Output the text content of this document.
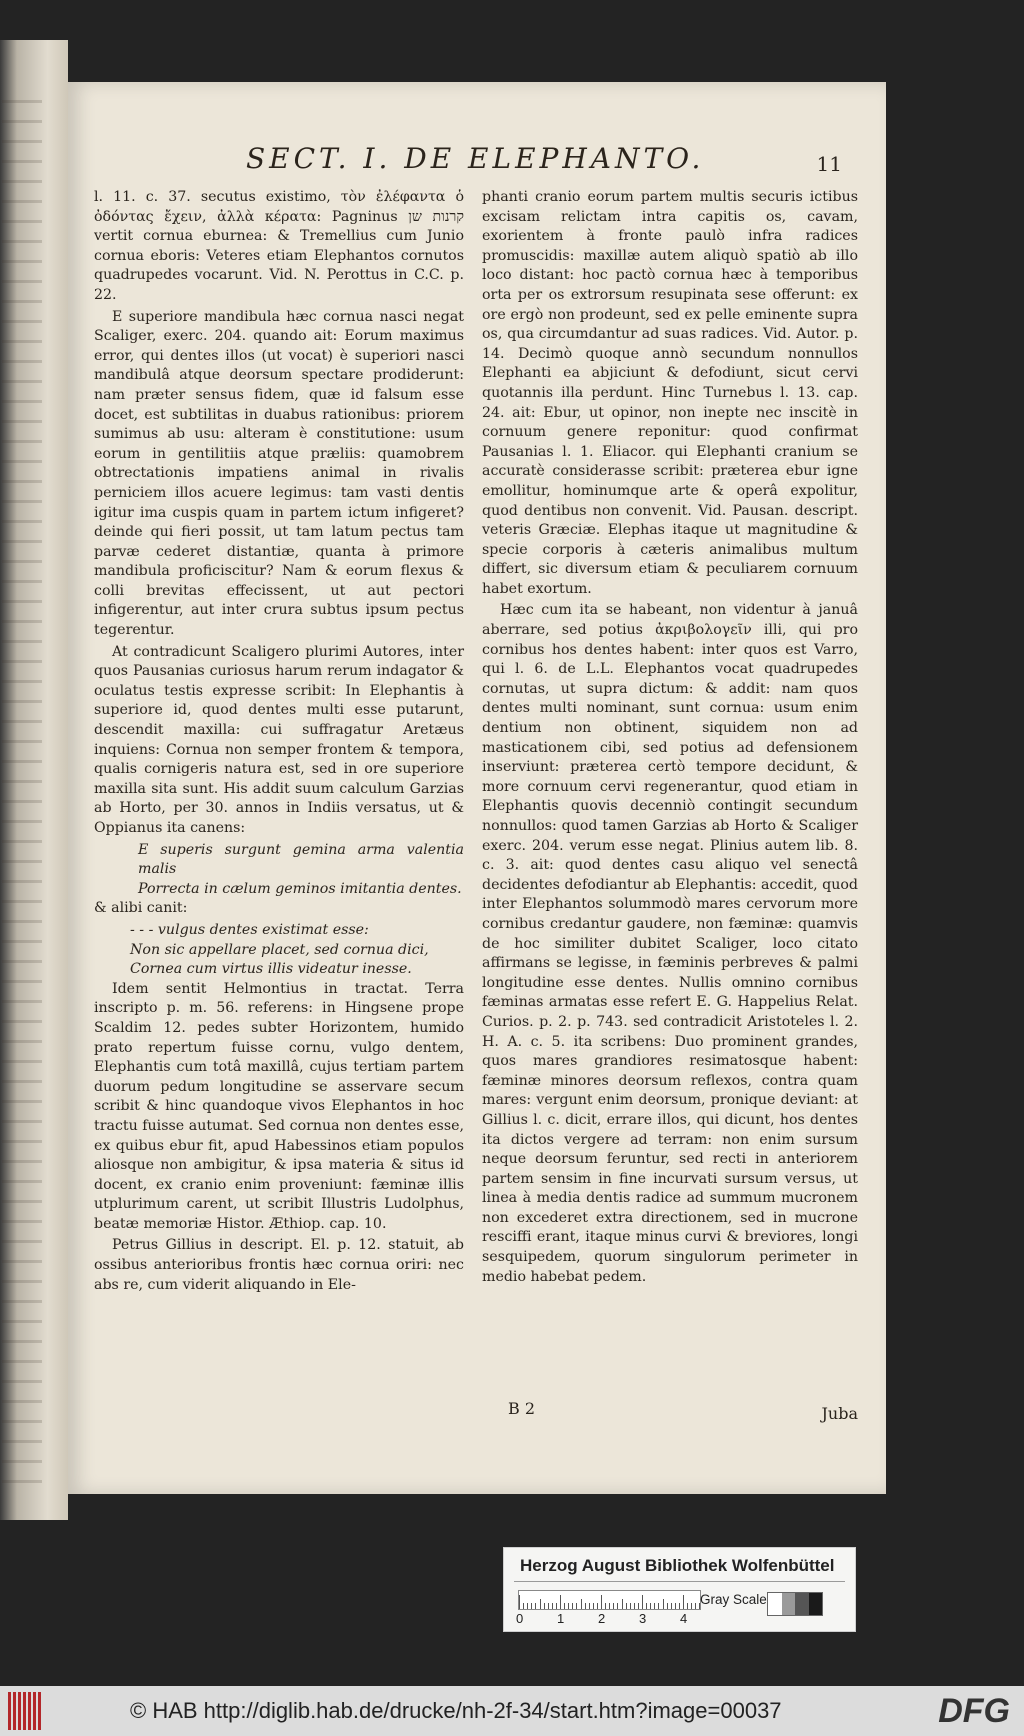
SECT. I. DE ELEPHANTO.	11

l. 11. c. 37. secutus existimo, τὸν ἐλέφαντα ὁ ὀδόντας ἔχειν, ἀλλὰ κέρατα: Pagninus קרנות שן vertit cornua eburnea: & Tremellius cum Junio cornua eboris: Veteres etiam Elephantos cornutos quadrupedes vocarunt. Vid. N. Perottus in C.C. p. 22.

E superiore mandibula hæc cornua nasci negat Scaliger, exerc. 204. quando ait: Eorum maximus error, qui dentes illos (ut vocat) è superiori nasci mandibulâ atque deorsum spectare prodiderunt: nam præter sensus fidem, quæ id falsum esse docet, est subtilitas in duabus rationibus: priorem sumimus ab usu: alteram è constitutione: usum eorum in gentilitiis atque præliis: quamobrem obtrectationis impatiens animal in rivalis perniciem illos acuere legimus: tam vasti dentis igitur ima cuspis quam in partem ictum infigeret? deinde qui fieri possit, ut tam latum pectus tam parvæ cederet distantiæ, quanta à primore mandibula proficiscitur? Nam & eorum flexus & colli brevitas effecissent, ut aut pectori infigerentur, aut inter crura subtus ipsum pectus tegerentur.

At contradicunt Scaligero plurimi Autores, inter quos Pausanias curiosus harum rerum indagator & oculatus testis expresse scribit: In Elephantis à superiore id, quod dentes multi esse putarunt, descendit maxilla: cui suffragatur Aretæus inquiens: Cornua non semper frontem & tempora, qualis cornigeris natura est, sed in ore superiore maxilla sita sunt. His addit suum calculum Garzias ab Horto, per 30. annos in Indiis versatus, ut & Oppianus ita canens:

E superis surgunt gemina arma valentia malis

Porrecta in cælum geminos imitantia dentes.

& alibi canit:

- - - vulgus dentes existimat esse:

Non sic appellare placet, sed cornua dici,

Cornea cum virtus illis videatur inesse.

Idem sentit Helmontius in tractat. Terra inscripto p. m. 56. referens: in Hingsene prope Scaldim 12. pedes subter Horizontem, humido prato repertum fuisse cornu, vulgo dentem, Elephantis cum totâ maxillâ, cujus tertiam partem duorum pedum longitudine se asservare secum scribit & hinc quandoque vivos Elephantos in hoc tractu fuisse autumat. Sed cornua non dentes esse, ex quibus ebur fit, apud Habessinos etiam populos aliosque non ambigitur, & ipsa materia & situs id docent, ex cranio enim proveniunt: fæminæ illis utplurimum carent, ut scribit Illustris Ludolphus, beatæ memoriæ Histor. Æthiop. cap. 10.

Petrus Gillius in descript. El. p. 12. statuit, ab ossibus anterioribus frontis hæc cornua oriri: nec abs re, cum viderit aliquando in Ele-

phanti cranio eorum partem multis securis ictibus excisam relictam intra capitis os, cavam, exorientem à fronte paulò infra radices promuscidis: maxillæ autem aliquò spatiò ab illo loco distant: hoc pactò cornua hæc à temporibus orta per os extrorsum resupinata sese offerunt: ex ore ergò non prodeunt, sed ex pelle eminente supra os, qua circumdantur ad suas radices. Vid. Autor. p. 14. Decimò quoque annò secundum nonnullos Elephanti ea abjiciunt & defodiunt, sicut cervi quotannis illa perdunt. Hinc Turnebus l. 13. cap. 24. ait: Ebur, ut opinor, non inepte nec inscitè in cornuum genere reponitur: quod confirmat Pausanias l. 1. Eliacor. qui Elephanti cranium se accuratè considerasse scribit: præterea ebur igne emollitur, hominumque arte & operâ expolitur, quod dentibus non convenit. Vid. Pausan. descript. veteris Græciæ. Elephas itaque ut magnitudine & specie corporis à cæteris animalibus multum differt, sic diversum etiam & peculiarem cornuum habet exortum.

Hæc cum ita se habeant, non videntur à januâ aberrare, sed potius ἀκριβολογεῖν illi, qui pro cornibus hos dentes habent: inter quos est Varro, qui l. 6. de L.L. Elephantos vocat quadrupedes cornutas, ut supra dictum: & addit: nam quos dentes multi nominant, sunt cornua: usum enim dentium non obtinent, siquidem non ad masticationem cibi, sed potius ad defensionem inserviunt: præterea certò tempore decidunt, & more cornuum cervi regenerantur, quod etiam in Elephantis quovis decenniò contingit secundum nonnullos: quod tamen Garzias ab Horto & Scaliger exerc. 204. verum esse negat. Plinius autem lib. 8. c. 3. ait: quod dentes casu aliquo vel senectâ decidentes defodiantur ab Elephantis: accedit, quod inter Elephantos solummodò mares cervorum more cornibus credantur gaudere, non fæminæ: quamvis de hoc similiter dubitet Scaliger, loco citato affirmans se legisse, in fæminis perbreves & palmi longitudine esse dentes. Nullis omnino cornibus fæminas armatas esse refert E. G. Happelius Relat. Curios. p. 2. p. 743. sed contradicit Aristoteles l. 2. H. A. c. 5. ita scribens: Duo prominent grandes, quos mares grandiores resimatosque habent: fæminæ minores deorsum reflexos, contra quam mares: vergunt enim deorsum, pronique deviant: at Gillius l. c. dicit, errare illos, qui dicunt, hos dentes ita dictos vergere ad terram: non enim sursum neque deorsum feruntur, sed recti in anteriorem partem sensim in fine incurvati sursum versus, ut linea à media dentis radice ad summum mucronem non excederet extra directionem, sed in mucrone resciffi erant, itaque minus curvi & breviores, longi sesquipedem, quorum singulorum perimeter in medio habebat pedem.

B 2	Juba
Herzog August Bibliothek Wolfenbüttel
0	1	2	3	4
Gray Scale
© HAB http://diglib.hab.de/drucke/nh-2f-34/start.htm?image=00037	DFG
